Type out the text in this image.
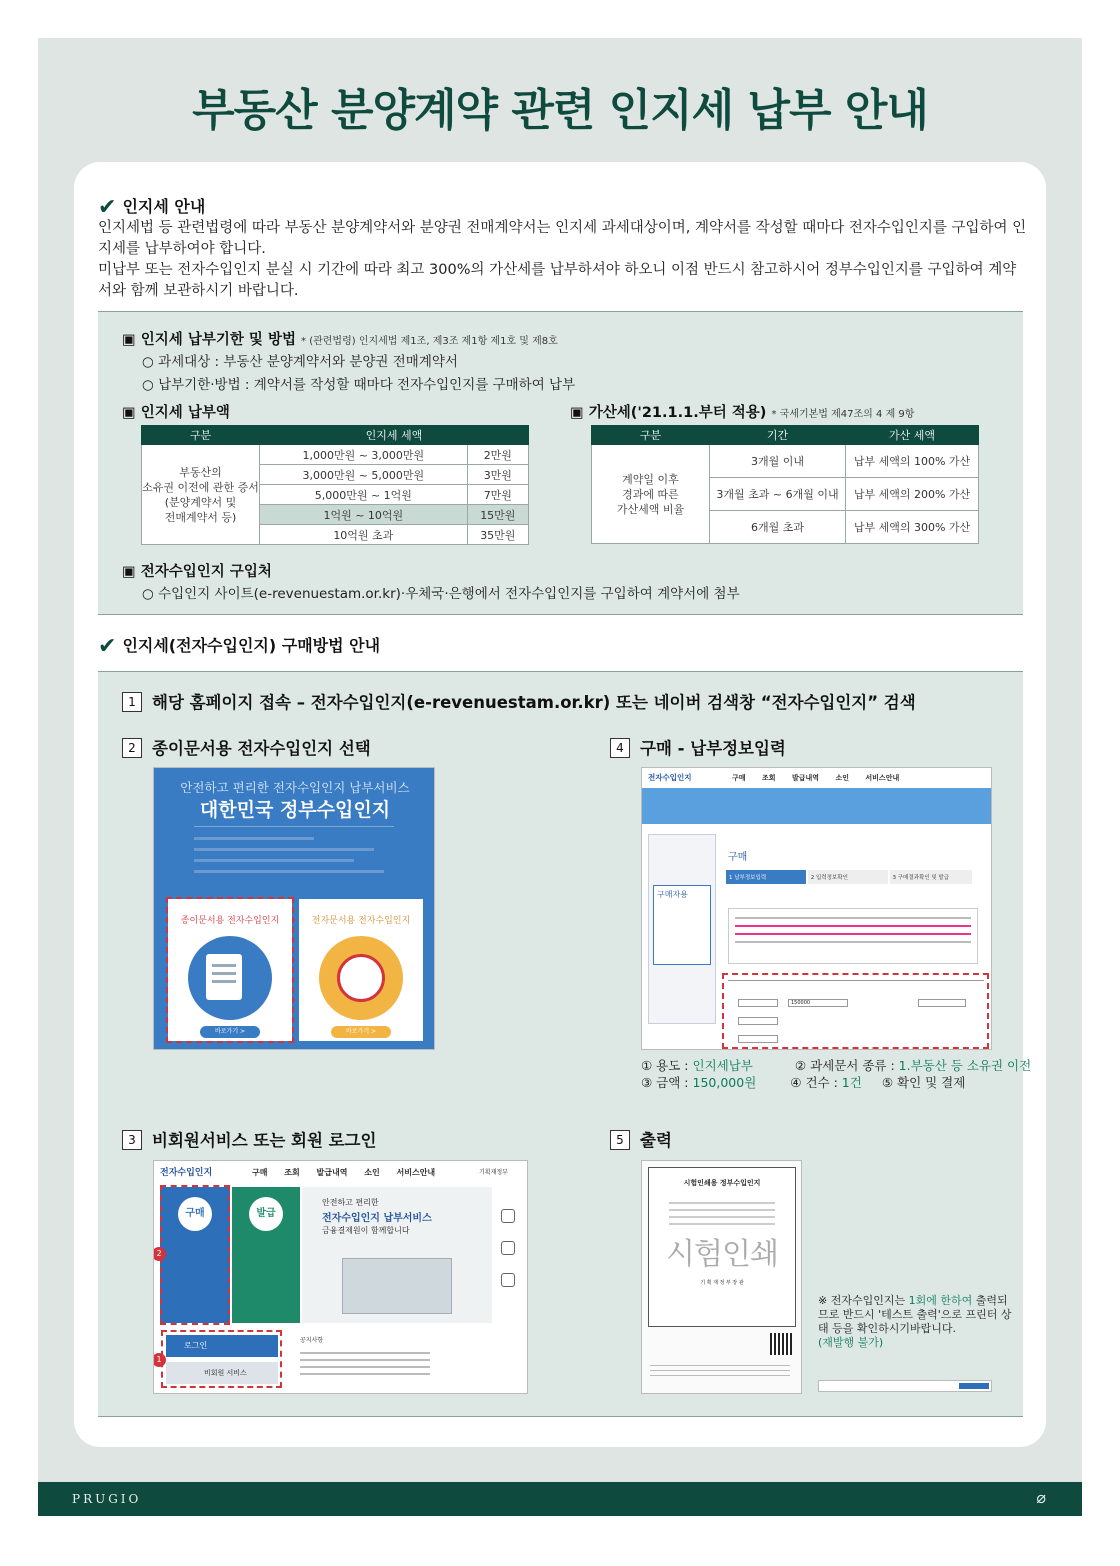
부동산 분양계약 관련 인지세 납부 안내
✔ 인지세 안내
인지세법 등 관련법령에 따라 부동산 분양계약서와 분양권 전매계약서는 인지세 과세대상이며, 계약서를 작성할 때마다 전자수입인지를 구입하여 인지세를 납부하여야 합니다.
미납부 또는 전자수입인지 분실 시 기간에 따라 최고 300%의 가산세를 납부하셔야 하오니 이점 반드시 참고하시어 정부수입인지를 구입하여 계약서와 함께 보관하시기 바랍니다.
▣ 인지세 납부기한 및 방법 * (관련법령) 인지세법 제1조, 제3조 제1항 제1호 및 제8호
○ 과세대상 : 부동산 분양계약서와 분양권 전매계약서
○ 납부기한·방법 : 계약서를 작성할 때마다 전자수입인지를 구매하여 납부
▣ 인지세 납부액	▣ 가산세('21.1.1.부터 적용) * 국세기본법 제47조의 4 제 9항
구분	인지세 세액	
부동산의
소유권 이전에 관한 증서
(분양계약서 및
전매계약서 등)	1,000만원 ~ 3,000만원	2만원
	3,000만원 ~ 5,000만원	3만원
	5,000만원 ~ 1억원	7만원
	1억원 ~ 10억원	15만원
	10억원 초과	35만원
구분	기간	가산 세액
계약일 이후
경과에 따른
가산세액 비율	3개월 이내	납부 세액의 100% 가산
	3개월 초과 ~ 6개월 이내	납부 세액의 200% 가산
	6개월 초과	납부 세액의 300% 가산
▣ 전자수입인지 구입처
○ 수입인지 사이트(e-revenuestam.or.kr)·우체국·은행에서 전자수입인지를 구입하여 계약서에 첨부
✔ 인지세(전자수입인지) 구매방법 안내
1 해당 홈페이지 접속 – 전자수입인지(e-revenuestam.or.kr) 또는 네이버 검색창 “전자수입인지” 검색
2 종이문서용 전자수입인지 선택	4 구매 - 납부정보입력
3 비회원서비스 또는 회원 로그인	5 출력
안전하고 편리한 전자수입인지 납부서비스
대한민국 정부수입인지
종이문서용 전자수입인지
바로가기 >
전자문서용 전자수입인지
바로가기 >
전자수입인지	구매 조회 발급내역 소인 서비스안내
구매자용
구매
1 납부정보입력	2 입력정보확인	3 구매결과확인 및 발급
150000
① 용도 : 인지세납부	② 과세문서 종류 : 1.부동산 등 소유권 이전
③ 금액 : 150,000원	④ 건수 : 1건 ⑤ 확인 및 결제
전자수입인지	구매 조회 발급내역 소인 서비스안내	기획재정부
구매	발급
안전하고 편리한
전자수입인지 납부서비스
금융결제원이 함께합니다
2
로그인
비회원 서비스
1
공지사항
시험인쇄용 정부수입인지
시험인쇄
기 획 재 정 부 장 관
※ 전자수입인지는 1회에 한하여 출력되므로 반드시 '테스트 출력'으로 프린터 상태 등을 확인하시기바랍니다.
(재발행 불가)
PRUGIO	⌀
